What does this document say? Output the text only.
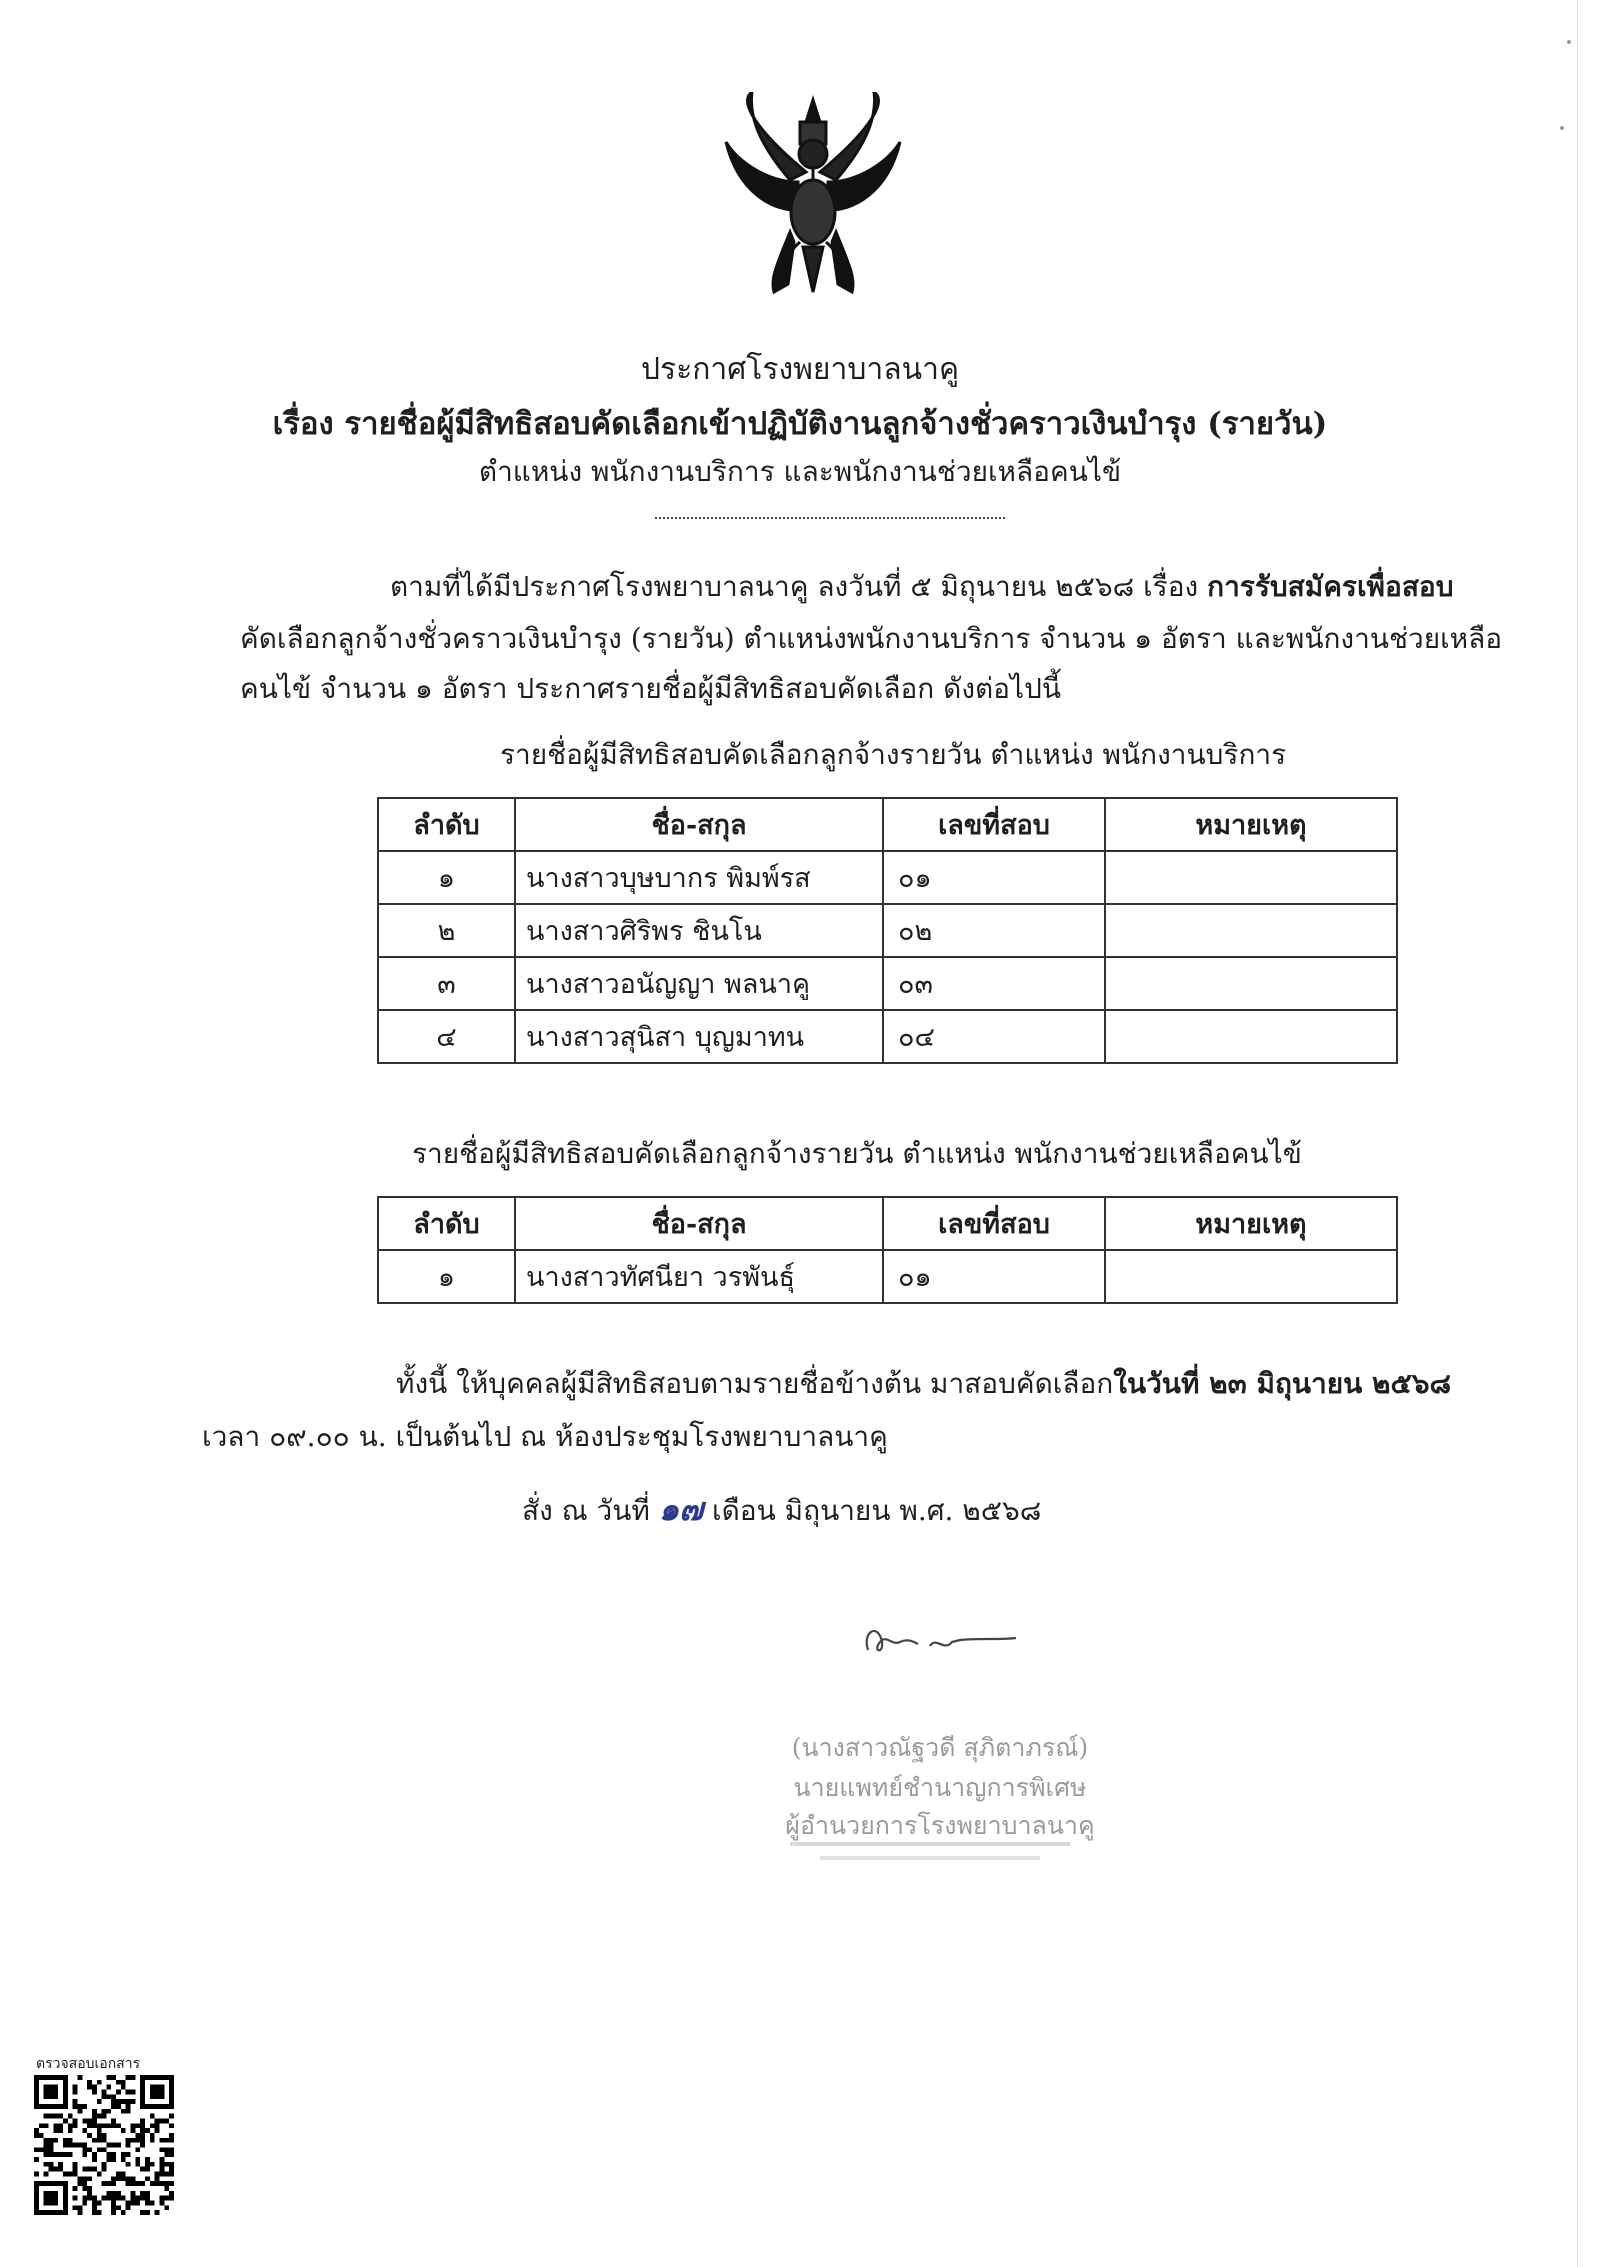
ประกาศโรงพยาบาลนาคู
เรื่อง รายชื่อผู้มีสิทธิสอบคัดเลือกเข้าปฏิบัติงานลูกจ้างชั่วคราวเงินบำรุง (รายวัน)
ตำแหน่ง พนักงานบริการ และพนักงานช่วยเหลือคนไข้
ตามที่ได้มีประกาศโรงพยาบาลนาคู ลงวันที่ ๕ มิถุนายน ๒๕๖๘ เรื่อง การรับสมัครเพื่อสอบ
คัดเลือกลูกจ้างชั่วคราวเงินบำรุง (รายวัน) ตำแหน่งพนักงานบริการ จำนวน ๑ อัตรา และพนักงานช่วยเหลือ
คนไข้ จำนวน ๑ อัตรา ประกาศรายชื่อผู้มีสิทธิสอบคัดเลือก ดังต่อไปนี้
รายชื่อผู้มีสิทธิสอบคัดเลือกลูกจ้างรายวัน ตำแหน่ง พนักงานบริการ
ลำดับ	ชื่อ-สกุล	เลขที่สอบ	หมายเหตุ
๑	นางสาวบุษบากร พิมพ์รส	๐๑	
๒	นางสาวศิริพร ชินโน	๐๒	
๓	นางสาวอนัญญา พลนาคู	๐๓	
๔	นางสาวสุนิสา บุญมาทน	๐๔	
รายชื่อผู้มีสิทธิสอบคัดเลือกลูกจ้างรายวัน ตำแหน่ง พนักงานช่วยเหลือคนไข้
ลำดับ	ชื่อ-สกุล	เลขที่สอบ	หมายเหตุ
๑	นางสาวทัศนียา วรพันธุ์	๐๑	
ทั้งนี้ ให้บุคคลผู้มีสิทธิสอบตามรายชื่อข้างต้น มาสอบคัดเลือกในวันที่ ๒๓ มิถุนายน ๒๕๖๘
เวลา ๐๙.๐๐ น. เป็นต้นไป ณ ห้องประชุมโรงพยาบาลนาคู
สั่ง ณ วันที่ ๑๗ เดือน มิถุนายน พ.ศ. ๒๕๖๘
(นางสาวณัฐวดี สุภิตาภรณ์)
นายแพทย์ชำนาญการพิเศษ
ผู้อำนวยการโรงพยาบาลนาคู
ตรวจสอบเอกสาร
